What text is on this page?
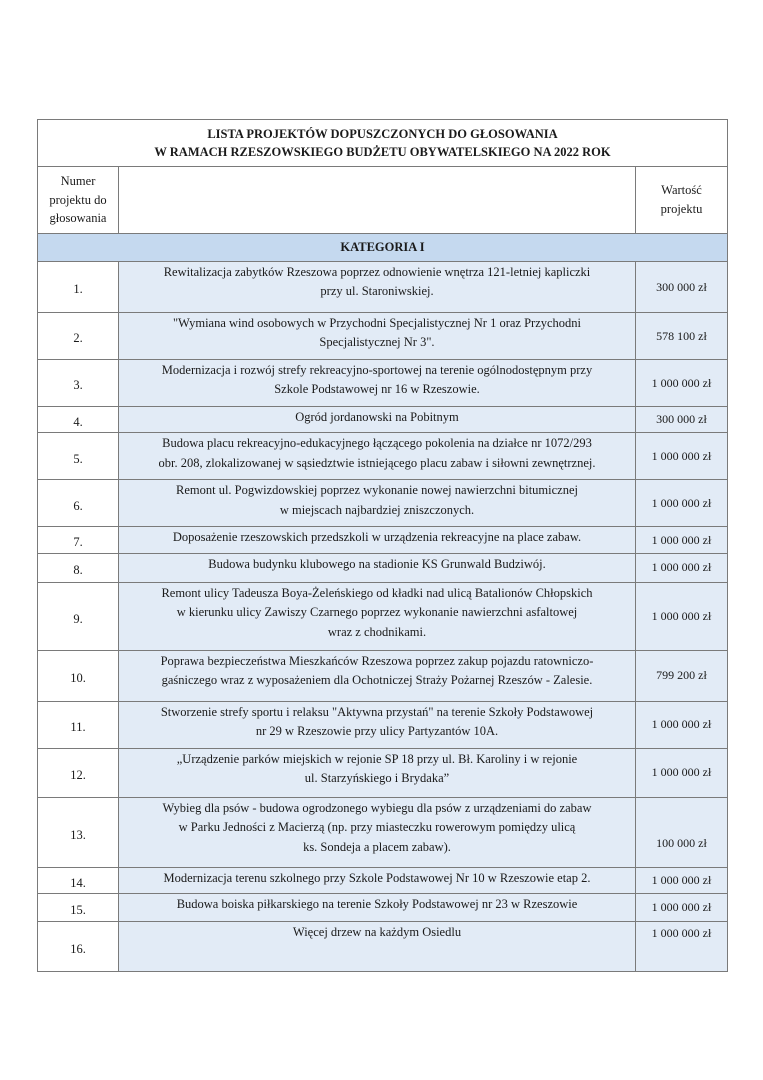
LISTA PROJEKTÓW DOPUSZCZONYCH DO GŁOSOWANIA
W RAMACH RZESZOWSKIEGO BUDŻETU OBYWATELSKIEGO NA 2022 ROK		

Numer projektu do głosowania		Wartość projektu
KATEGORIA I		
1.	Rewitalizacja zabytków Rzeszowa poprzez odnowienie wnętrza 121-letniej kapliczki
przy ul. Staroniwskiej.	300 000 zł
2.	"Wymiana wind osobowych w Przychodni Specjalistycznej Nr 1 oraz Przychodni
Specjalistycznej Nr 3".	578 100 zł
3.	Modernizacja i rozwój strefy rekreacyjno-sportowej na terenie ogólnodostępnym przy
Szkole Podstawowej nr 16 w Rzeszowie.	1 000 000 zł
4.	Ogród jordanowski na Pobitnym	300 000 zł
5.	Budowa placu rekreacyjno-edukacyjnego łączącego pokolenia na działce nr 1072/293
obr. 208, zlokalizowanej w sąsiedztwie istniejącego placu zabaw i siłowni zewnętrznej.	1 000 000 zł
6.	Remont ul. Pogwizdowskiej poprzez wykonanie nowej nawierzchni bitumicznej
w miejscach najbardziej zniszczonych.	1 000 000 zł
7.	Doposażenie rzeszowskich przedszkoli w urządzenia rekreacyjne na place zabaw.	1 000 000 zł
8.	Budowa budynku klubowego na stadionie KS Grunwald Budziwój.	1 000 000 zł
9.	Remont ulicy Tadeusza Boya-Żeleńskiego od kładki nad ulicą Batalionów Chłopskich
w kierunku ulicy Zawiszy Czarnego poprzez wykonanie nawierzchni asfaltowej
wraz z chodnikami.	1 000 000 zł
10.	Poprawa bezpieczeństwa Mieszkańców Rzeszowa poprzez zakup pojazdu ratowniczo-
gaśniczego wraz z wyposażeniem dla Ochotniczej Straży Pożarnej Rzeszów - Zalesie.	799 200 zł
11.	Stworzenie strefy sportu i relaksu "Aktywna przystań" na terenie Szkoły Podstawowej
nr 29 w Rzeszowie przy ulicy Partyzantów 10A.	1 000 000 zł
12.	„Urządzenie parków miejskich w rejonie SP 18 przy ul. Bł. Karoliny i w rejonie
ul. Starzyńskiego i Brydaka”	1 000 000 zł
13.	Wybieg dla psów - budowa ogrodzonego wybiegu dla psów z urządzeniami do zabaw
w Parku Jedności z Macierzą (np. przy miasteczku rowerowym pomiędzy ulicą
ks. Sondeja a placem zabaw).	100 000 zł
14.	Modernizacja terenu szkolnego przy Szkole Podstawowej Nr 10 w Rzeszowie etap 2.	1 000 000 zł
15.	Budowa boiska piłkarskiego na terenie Szkoły Podstawowej nr 23 w Rzeszowie	1 000 000 zł
16.	Więcej drzew na każdym Osiedlu	1 000 000 zł
